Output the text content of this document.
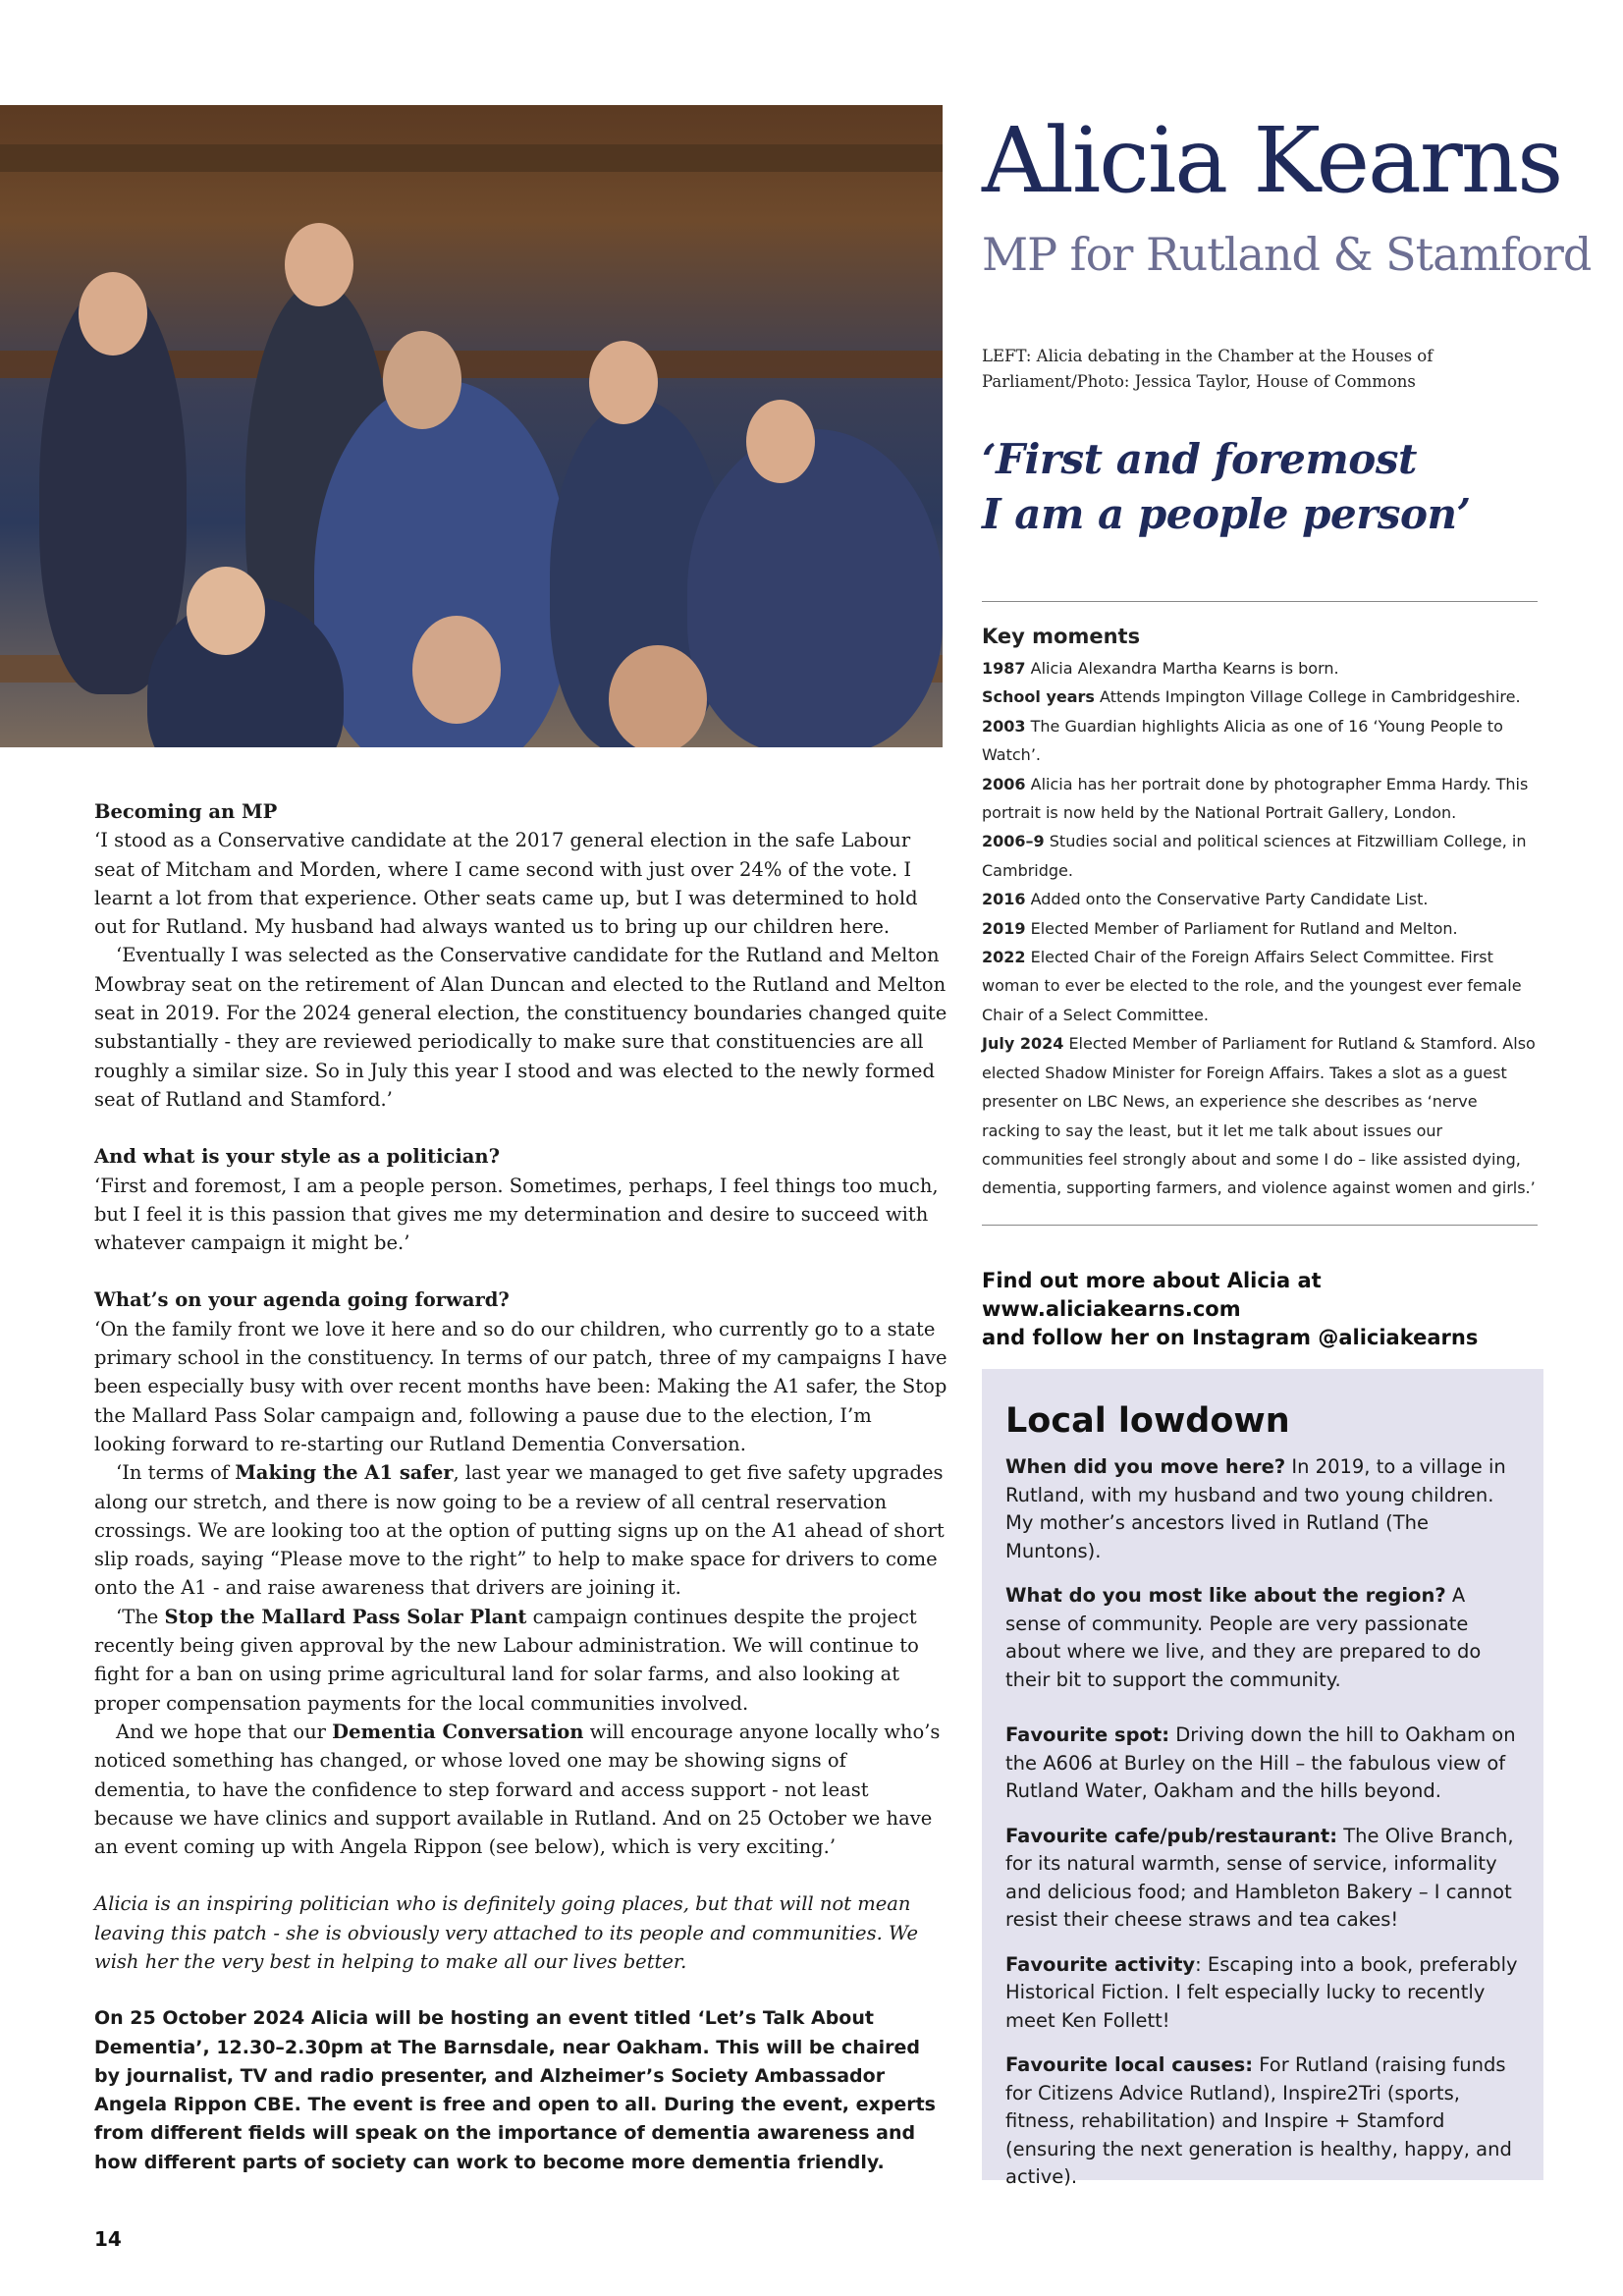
Alicia Kearns
MP for Rutland & Stamford
LEFT: Alicia debating in the Chamber at the Houses of Parliament/Photo: Jessica Taylor, House of Commons
‘First and foremost
I am a people person’
Key moments
1987 Alicia Alexandra Martha Kearns is born.
School years Attends Impington Village College in Cambridgeshire.
2003 The Guardian highlights Alicia as one of 16 ‘Young People to Watch’.
2006 Alicia has her portrait done by photographer Emma Hardy. This portrait is now held by the National Portrait Gallery, London.
2006–9 Studies social and political sciences at Fitzwilliam College, in Cambridge.
2016 Added onto the Conservative Party Candidate List.
2019 Elected Member of Parliament for Rutland and Melton.
2022 Elected Chair of the Foreign Affairs Select Committee. First woman to ever be elected to the role, and the youngest ever female Chair of a Select Committee.
July 2024 Elected Member of Parliament for Rutland & Stamford. Also elected Shadow Minister for Foreign Affairs. Takes a slot as a guest presenter on LBC News, an experience she describes as ‘nerve racking to say the least, but it let me talk about issues our communities feel strongly about and some I do – like assisted dying, dementia, supporting farmers, and violence against women and girls.’
Find out more about Alicia at www.aliciakearns.com
and follow her on Instagram @aliciakearns
Local lowdown

When did you move here? In 2019, to a village in Rutland, with my husband and two young children. My mother’s ancestors lived in Rutland (The Muntons).

What do you most like about the region? A sense of community. People are very passionate about where we live, and they are prepared to do their bit to support the community.

Favourite spot: Driving down the hill to Oakham on the A606 at Burley on the Hill – the fabulous view of Rutland Water, Oakham and the hills beyond.

Favourite cafe/pub/restaurant: The Olive Branch, for its natural warmth, sense of service, informality and delicious food; and Hambleton Bakery – I cannot resist their cheese straws and tea cakes!

Favourite activity: Escaping into a book, preferably Historical Fiction. I felt especially lucky to recently meet Ken Follett!

Favourite local causes: For Rutland (raising funds for Citizens Advice Rutland), Inspire2Tri (sports, fitness, rehabilitation) and Inspire + Stamford (ensuring the next generation is healthy, happy, and active).

Becoming an MP

‘I stood as a Conservative candidate at the 2017 general election in the safe Labour seat of Mitcham and Morden, where I came second with just over 24% of the vote. I learnt a lot from that experience. Other seats came up, but I was determined to hold out for Rutland. My husband had always wanted us to bring up our children here.

‘Eventually I was selected as the Conservative candidate for the Rutland and Melton Mowbray seat on the retirement of Alan Duncan and elected to the Rutland and Melton seat in 2019. For the 2024 general election, the constituency boundaries changed quite substantially - they are reviewed periodically to make sure that constituencies are all roughly a similar size. So in July this year I stood and was elected to the newly formed seat of Rutland and Stamford.’

And what is your style as a politician?

‘First and foremost, I am a people person. Sometimes, perhaps, I feel things too much, but I feel it is this passion that gives me my determination and desire to succeed with whatever campaign it might be.’

What’s on your agenda going forward?

‘On the family front we love it here and so do our children, who currently go to a state primary school in the constituency. In terms of our patch, three of my campaigns I have been especially busy with over recent months have been: Making the A1 safer, the Stop the Mallard Pass Solar campaign and, following a pause due to the election, I’m looking forward to re-starting our Rutland Dementia Conversation.

‘In terms of Making the A1 safer, last year we managed to get five safety upgrades along our stretch, and there is now going to be a review of all central reservation crossings. We are looking too at the option of putting signs up on the A1 ahead of short slip roads, saying “Please move to the right” to help to make space for drivers to come onto the A1 - and raise awareness that drivers are joining it.

‘The Stop the Mallard Pass Solar Plant campaign continues despite the project recently being given approval by the new Labour administration. We will continue to fight for a ban on using prime agricultural land for solar farms, and also looking at proper compensation payments for the local communities involved.

And we hope that our Dementia Conversation will encourage anyone locally who’s noticed something has changed, or whose loved one may be showing signs of dementia, to have the confidence to step forward and access support - not least because we have clinics and support available in Rutland. And on 25 October we have an event coming up with Angela Rippon (see below), which is very exciting.’

Alicia is an inspiring politician who is definitely going places, but that will not mean leaving this patch - she is obviously very attached to its people and communities. We wish her the very best in helping to make all our lives better.

On 25 October 2024 Alicia will be hosting an event titled ‘Let’s Talk About Dementia’, 12.30–2.30pm at The Barnsdale, near Oakham. This will be chaired by journalist, TV and radio presenter, and Alzheimer’s Society Ambassador Angela Rippon CBE. The event is free and open to all. During the event, experts from different fields will speak on the importance of dementia awareness and how different parts of society can work to become more dementia friendly.

14
